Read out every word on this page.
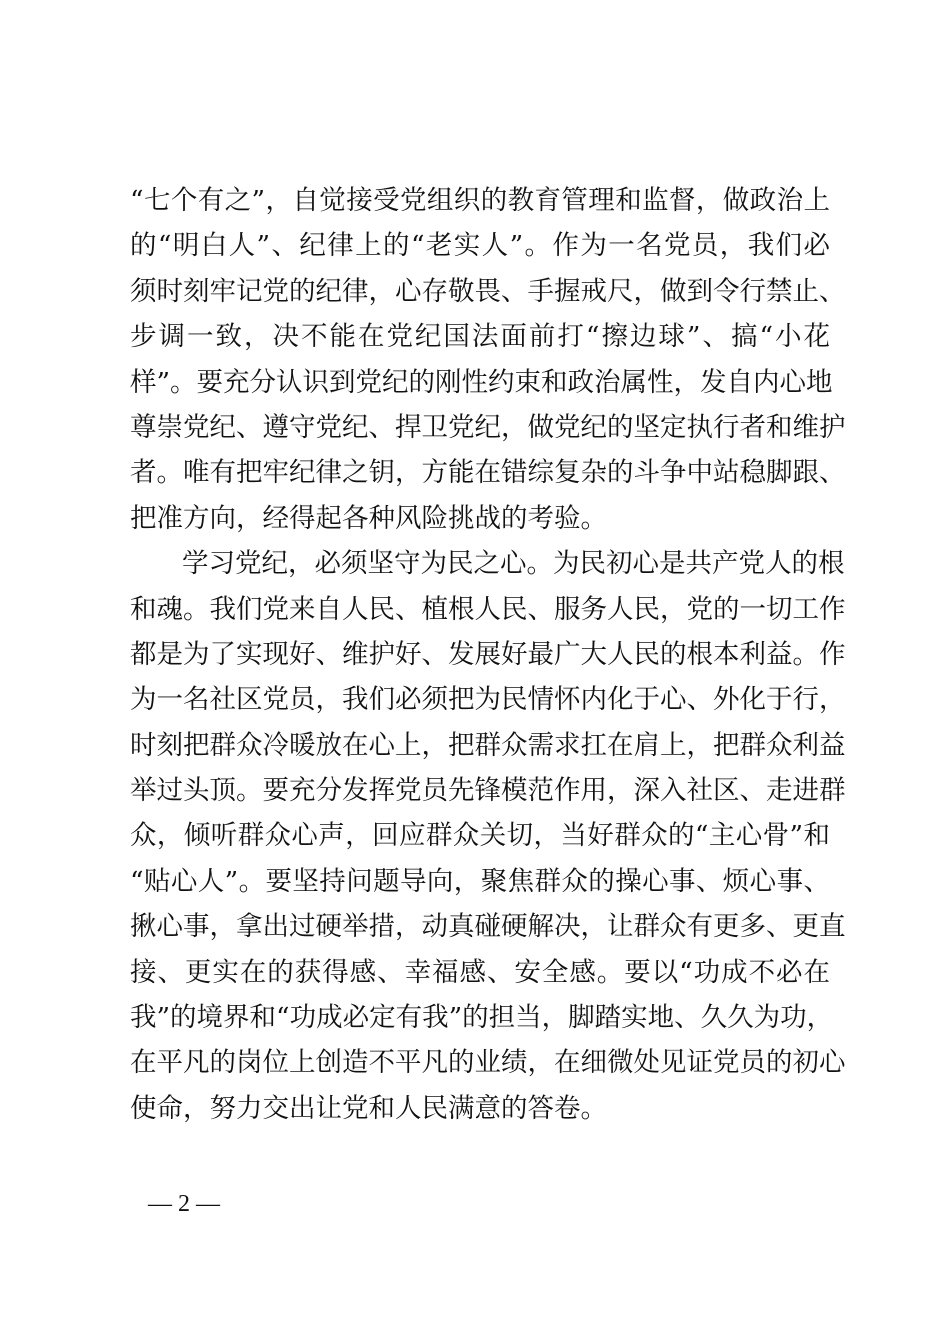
“七个有之”，自觉接受党组织的教育管理和监督，做政治上
的“明白人”、纪律上的“老实人”。作为一名党员，我们必
须时刻牢记党的纪律，心存敬畏、手握戒尺，做到令行禁止、
步调一致，决不能在党纪国法面前打“擦边球”、搞“小花
样”。要充分认识到党纪的刚性约束和政治属性，发自内心地
尊崇党纪、遵守党纪、捍卫党纪，做党纪的坚定执行者和维护
者。唯有把牢纪律之钥，方能在错综复杂的斗争中站稳脚跟、
把准方向，经得起各种风险挑战的考验。
学习党纪，必须坚守为民之心。为民初心是共产党人的根
和魂。我们党来自人民、植根人民、服务人民，党的一切工作
都是为了实现好、维护好、发展好最广大人民的根本利益。作
为一名社区党员，我们必须把为民情怀内化于心、外化于行，
时刻把群众冷暖放在心上，把群众需求扛在肩上，把群众利益
举过头顶。要充分发挥党员先锋模范作用，深入社区、走进群
众，倾听群众心声，回应群众关切，当好群众的“主心骨”和
“贴心人”。要坚持问题导向，聚焦群众的操心事、烦心事、
揪心事，拿出过硬举措，动真碰硬解决，让群众有更多、更直
接、更实在的获得感、幸福感、安全感。要以“功成不必在
我”的境界和“功成必定有我”的担当，脚踏实地、久久为功，
在平凡的岗位上创造不平凡的业绩，在细微处见证党员的初心
使命，努力交出让党和人民满意的答卷。
— 2 —
